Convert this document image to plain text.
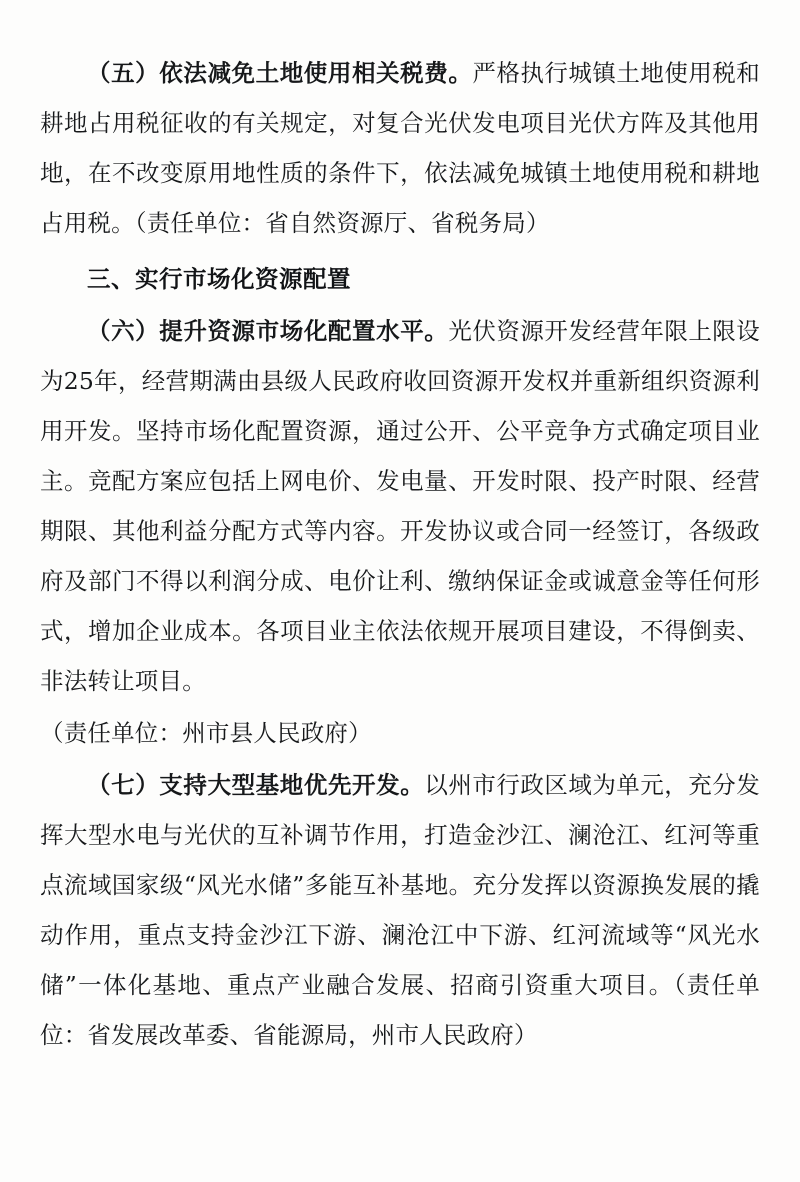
（五）依法减免土地使用相关税费。严格执行城镇土地使用税和耕地占用税征收的有关规定，对复合光伏发电项目光伏方阵及其他用地，在不改变原用地性质的条件下，依法减免城镇土地使用税和耕地占用税。（责任单位：省自然资源厅、省税务局）

三、实行市场化资源配置

（六）提升资源市场化配置水平。光伏资源开发经营年限上限设为25年，经营期满由县级人民政府收回资源开发权并重新组织资源利用开发。坚持市场化配置资源，通过公开、公平竞争方式确定项目业主。竞配方案应包括上网电价、发电量、开发时限、投产时限、经营期限、其他利益分配方式等内容。开发协议或合同一经签订，各级政府及部门不得以利润分成、电价让利、缴纳保证金或诚意金等任何形式，增加企业成本。各项目业主依法依规开展项目建设，不得倒卖、非法转让项目。

（责任单位：州市县人民政府）

（七）支持大型基地优先开发。以州市行政区域为单元，充分发挥大型水电与光伏的互补调节作用，打造金沙江、澜沧江、红河等重点流域国家级“风光水储”多能互补基地。充分发挥以资源换发展的撬动作用，重点支持金沙江下游、澜沧江中下游、红河流域等“风光水储”一体化基地、重点产业融合发展、招商引资重大项目。（责任单位：省发展改革委、省能源局，州市人民政府）
